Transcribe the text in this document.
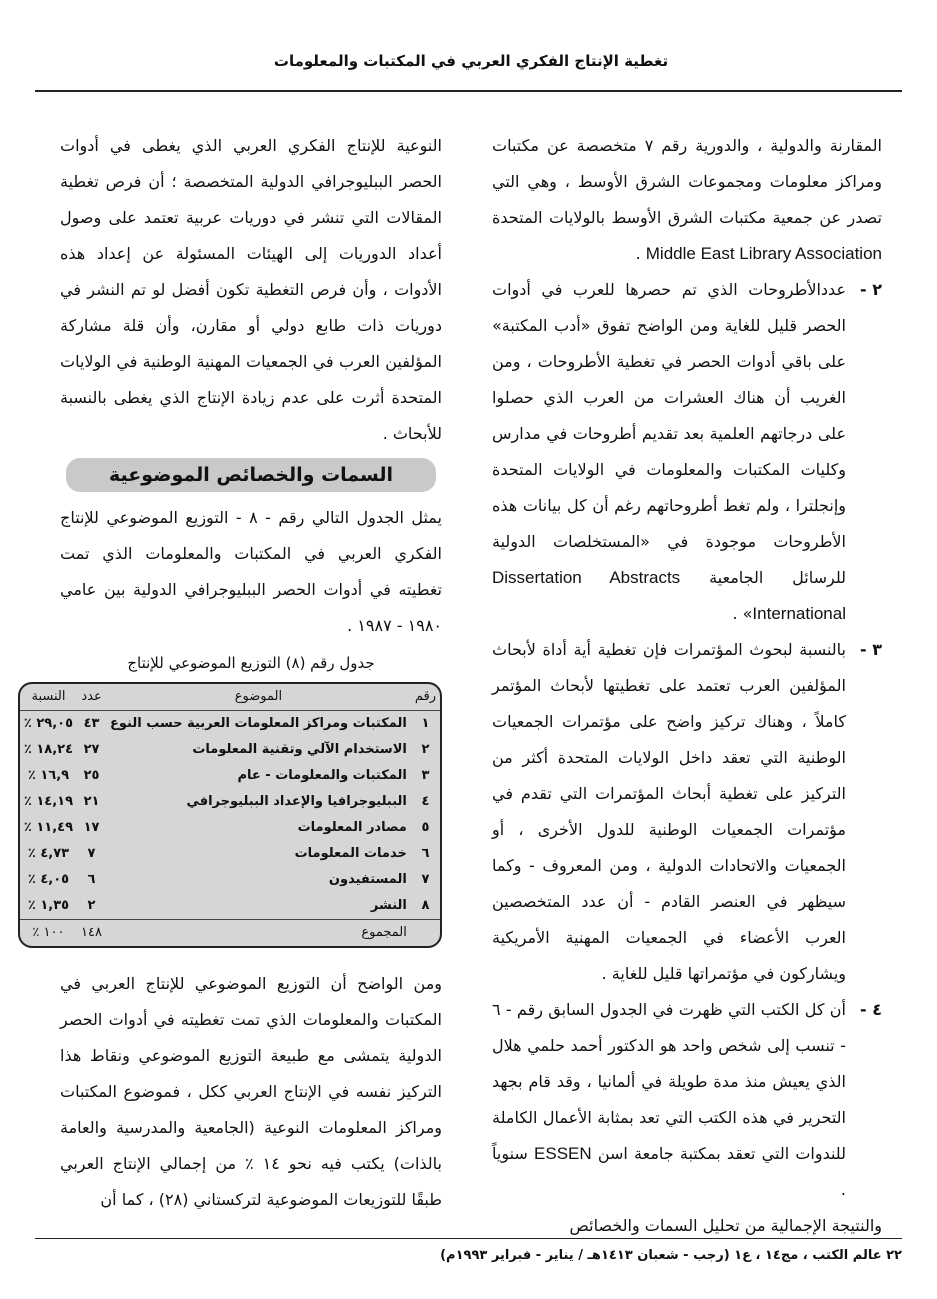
تغطية الإنتاج الفكري العربي في المكتبات والمعلومات

المقارنة والدولية ، والدورية رقم ٧ متخصصة عن مكتبات ومراكز معلومات ومجموعات الشرق الأوسط ، وهي التي تصدر عن جمعية مكتبات الشرق الأوسط بالولايات المتحدة Middle East Library Association .

٢ -
عددالأطروحات الذي تم حصرها للعرب في أدوات الحصر قليل للغاية ومن الواضح تفوق «أدب المكتبة» على باقي أدوات الحصر في تغطية الأطروحات ، ومن الغريب أن هناك العشرات من العرب الذي حصلوا على درجاتهم العلمية بعد تقديم أطروحات في مدارس وكليات المكتبات والمعلومات في الولايات المتحدة وإنجلترا ، ولم تغط أطروحاتهم رغم أن كل بيانات هذه الأطروحات موجودة في «المستخلصات الدولية للرسائل الجامعية Dissertation Abstracts International» .
٣ -
بالنسبة لبحوث المؤتمرات فإن تغطية أية أداة لأبحاث المؤلفين العرب تعتمد على تغطيتها لأبحاث المؤتمر كاملاً ، وهناك تركيز واضح على مؤتمرات الجمعيات الوطنية التي تعقد داخل الولايات المتحدة أكثر من التركيز على تغطية أبحاث المؤتمرات التي تقدم في مؤتمرات الجمعيات الوطنية للدول الأخرى ، أو الجمعيات والاتحادات الدولية ، ومن المعروف - وكما سيظهر في العنصر القادم - أن عدد المتخصصين العرب الأعضاء في الجمعيات المهنية الأمريكية ويشاركون في مؤتمراتها قليل للغاية .
٤ -
أن كل الكتب التي ظهرت في الجدول السابق رقم - ٦ - تنسب إلى شخص واحد هو الدكتور أحمد حلمي هلال الذي يعيش منذ مدة طويلة في ألمانيا ، وقد قام بجهد التحرير في هذه الكتب التي تعد بمثابة الأعمال الكاملة للندوات التي تعقد بمكتبة جامعة اسن ESSEN سنوياً .

والنتيجة الإجمالية من تحليل السمات والخصائص

النوعية للإنتاج الفكري العربي الذي يغطى في أدوات الحصر الببليوجرافي الدولية المتخصصة ؛ أن فرص تغطية المقالات التي تنشر في دوريات عربية تعتمد على وصول أعداد الدوريات إلى الهيئات المسئولة عن إعداد هذه الأدوات ، وأن فرص التغطية تكون أفضل لو تم النشر في دوريات ذات طابع دولي أو مقارن، وأن قلة مشاركة المؤلفين العرب في الجمعيات المهنية الوطنية في الولايات المتحدة أثرت على عدم زيادة الإنتاج الذي يغطى بالنسبة للأبحاث .

السمات والخصائص الموضوعية

يمثل الجدول التالي رقم - ٨ - التوزيع الموضوعي للإنتاج الفكري العربي في المكتبات والمعلومات الذي تمت تغطيته في أدوات الحصر الببليوجرافي الدولية بين عامي ١٩٨٠ - ١٩٨٧ .

جدول رقم (٨) التوزيع الموضوعي للإنتاج
رقم	الموضوع	عدد	النسبة
١	المكتبات ومراكز المعلومات العربية حسب النوع	٤٣	٢٩,٠٥ ٪
٢	الاستخدام الآلي وتقنية المعلومات	٢٧	١٨,٢٤ ٪
٣	المكتبات والمعلومات - عام	٢٥	١٦,٩ ٪
٤	الببليوجرافيا والإعداد الببليوجرافي	٢١	١٤,١٩ ٪
٥	مصادر المعلومات	١٧	١١,٤٩ ٪
٦	خدمات المعلومات	٧	٤,٧٣ ٪
٧	المستفيدون	٦	٤,٠٥ ٪
٨	النشر	٢	١,٣٥ ٪
	المجموع	١٤٨	١٠٠ ٪

ومن الواضح أن التوزيع الموضوعي للإنتاج العربي في المكتبات والمعلومات الذي تمت تغطيته في أدوات الحصر الدولية يتمشى مع طبيعة التوزيع الموضوعي ونقاط هذا التركيز نفسه في الإنتاج العربي ككل ، فموضوع المكتبات ومراكز المعلومات النوعية (الجامعية والمدرسية والعامة بالذات) يكتب فيه نحو ١٤ ٪ من إجمالي الإنتاج العربي طبقًا للتوزيعات الموضوعية لتركستاني (٢٨) ، كما أن

٢٢ عالم الكتب ، مج١٤ ، ع١ (رجب - شعبان ١٤١٣هـ / يناير - فبراير ١٩٩٣م)
